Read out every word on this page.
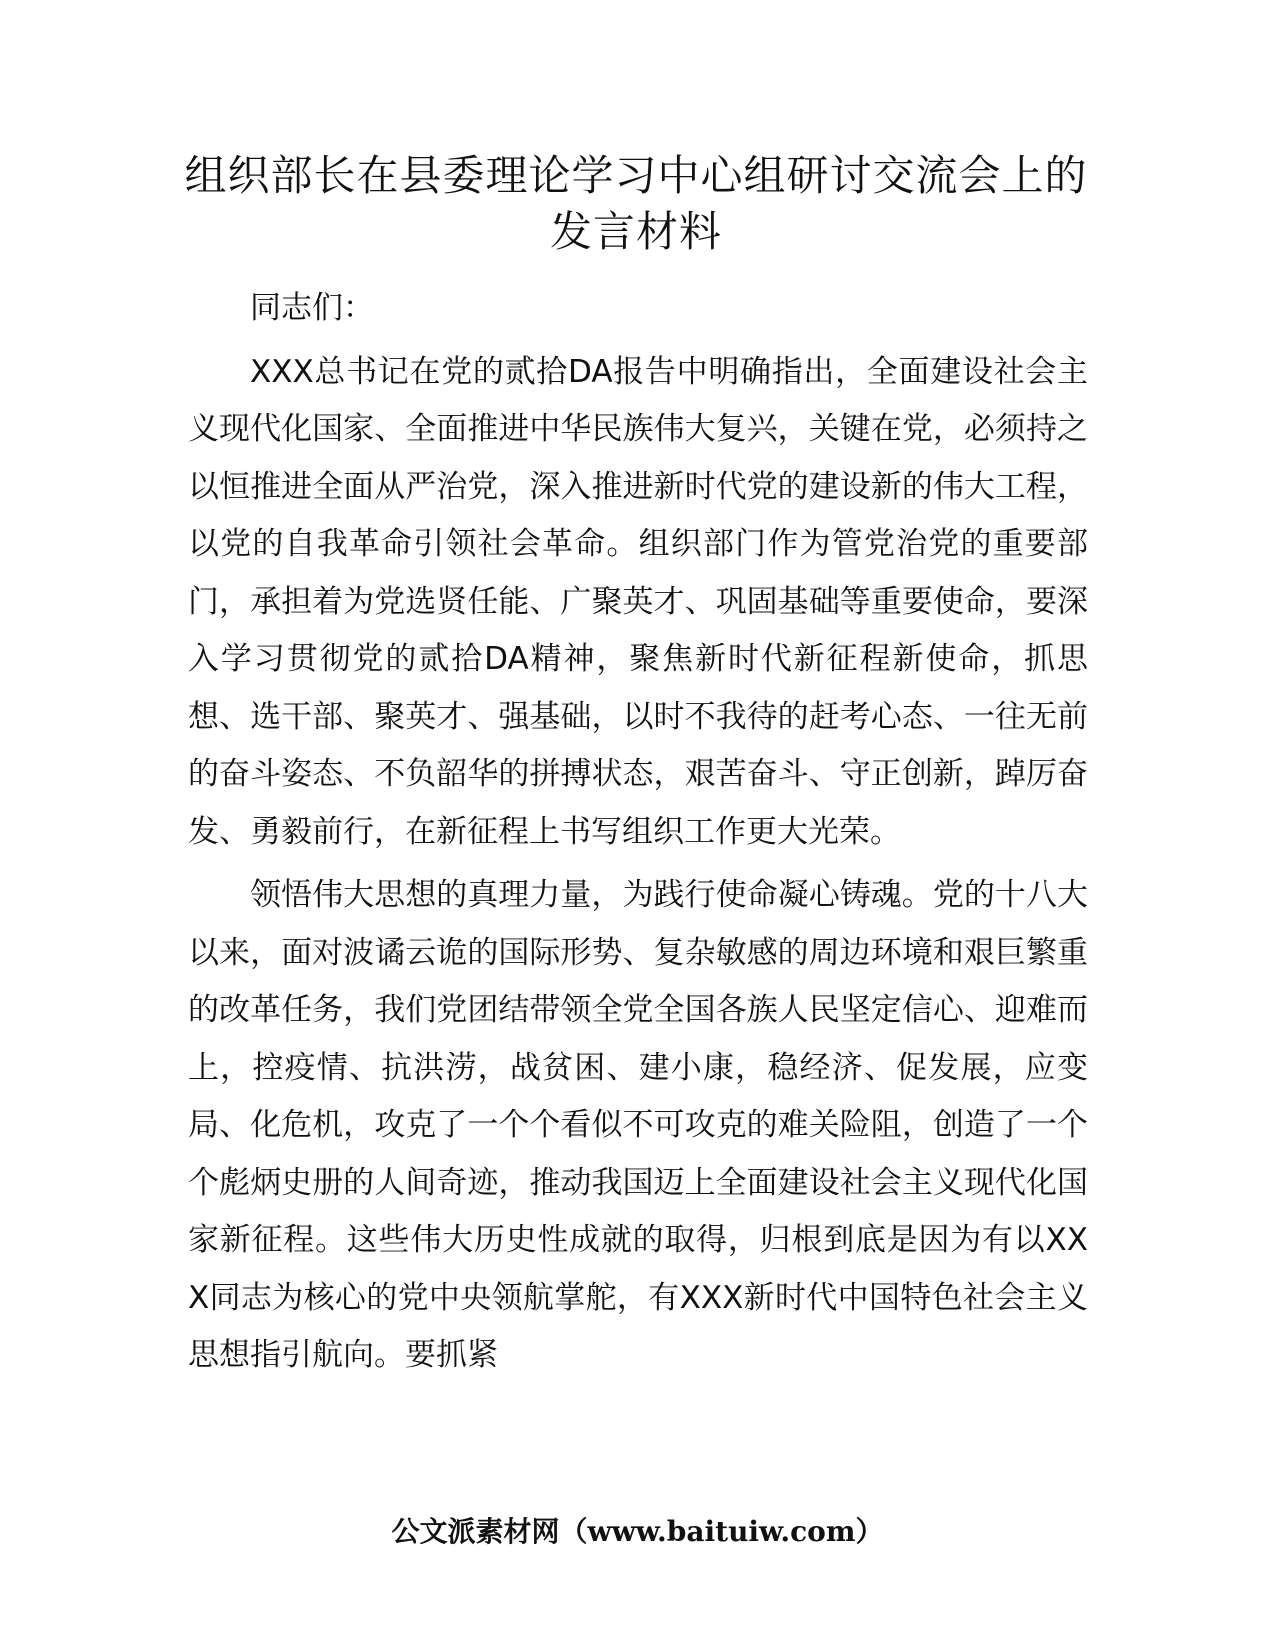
组织部长在县委理论学习中心组研讨交流会上的发言材料

同志们：

XXX总书记在党的贰拾DA报告中明确指出，全面建设社会主义现代化国家、全面推进中华民族伟大复兴，关键在党，必须持之以恒推进全面从严治党，深入推进新时代党的建设新的伟大工程，以党的自我革命引领社会革命。组织部门作为管党治党的重要部门，承担着为党选贤任能、广聚英才、巩固基础等重要使命，要深入学习贯彻党的贰拾DA精神，聚焦新时代新征程新使命，抓思想、选干部、聚英才、强基础，以时不我待的赶考心态、一往无前的奋斗姿态、不负韶华的拼搏状态，艰苦奋斗、守正创新，踔厉奋发、勇毅前行，在新征程上书写组织工作更大光荣。

领悟伟大思想的真理力量，为践行使命凝心铸魂。党的十八大以来，面对波谲云诡的国际形势、复杂敏感的周边环境和艰巨繁重的改革任务，我们党团结带领全党全国各族人民坚定信心、迎难而上，控疫情、抗洪涝，战贫困、建小康，稳经济、促发展，应变局、化危机，攻克了一个个看似不可攻克的难关险阻，创造了一个个彪炳史册的人间奇迹，推动我国迈上全面建设社会主义现代化国家新征程。这些伟大历史性成就的取得，归根到底是因为有以XXX同志为核心的党中央领航掌舵，有XXX新时代中国特色社会主义思想指引航向。要抓紧

公文派素材网（www.baituiw.com）
